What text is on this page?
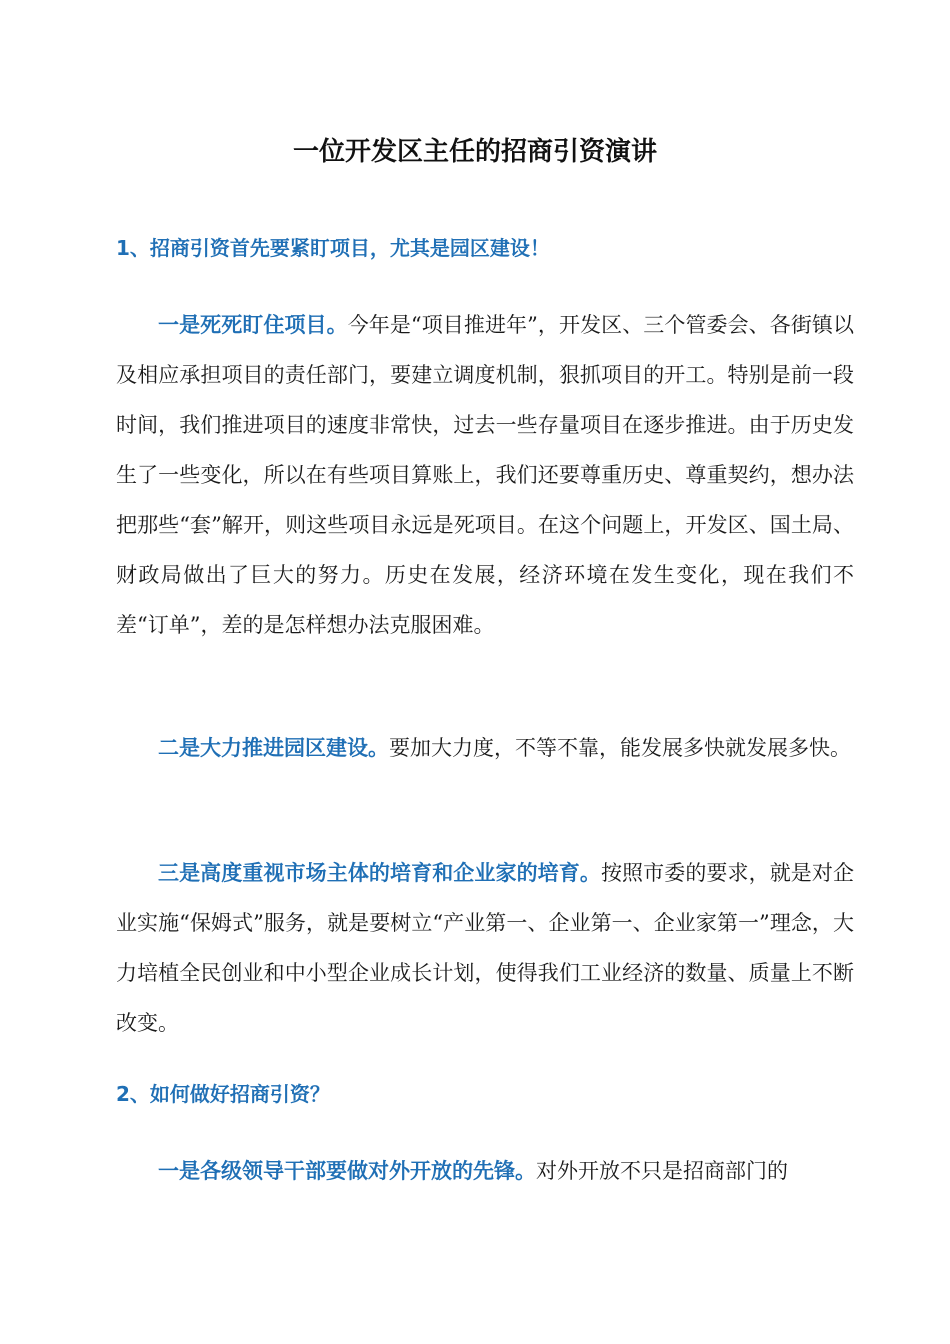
一位开发区主任的招商引资演讲
1、招商引资首先要紧盯项目，尤其是园区建设！
一是死死盯住项目。今年是“项目推进年”，开发区、三个管委会、各街镇以及相应承担项目的责任部门，要建立调度机制，狠抓项目的开工。特别是前一段时间，我们推进项目的速度非常快，过去一些存量项目在逐步推进。由于历史发生了一些变化，所以在有些项目算账上，我们还要尊重历史、尊重契约，想办法把那些“套”解开，则这些项目永远是死项目。在这个问题上，开发区、国土局、财政局做出了巨大的努力。历史在发展，经济环境在发生变化，现在我们不差“订单”，差的是怎样想办法克服困难。
二是大力推进园区建设。要加大力度，不等不靠，能发展多快就发展多快。
三是高度重视市场主体的培育和企业家的培育。按照市委的要求，就是对企业实施“保姆式”服务，就是要树立“产业第一、企业第一、企业家第一”理念，大力培植全民创业和中小型企业成长计划，使得我们工业经济的数量、质量上不断改变。
2、如何做好招商引资？
一是各级领导干部要做对外开放的先锋。对外开放不只是招商部门的
